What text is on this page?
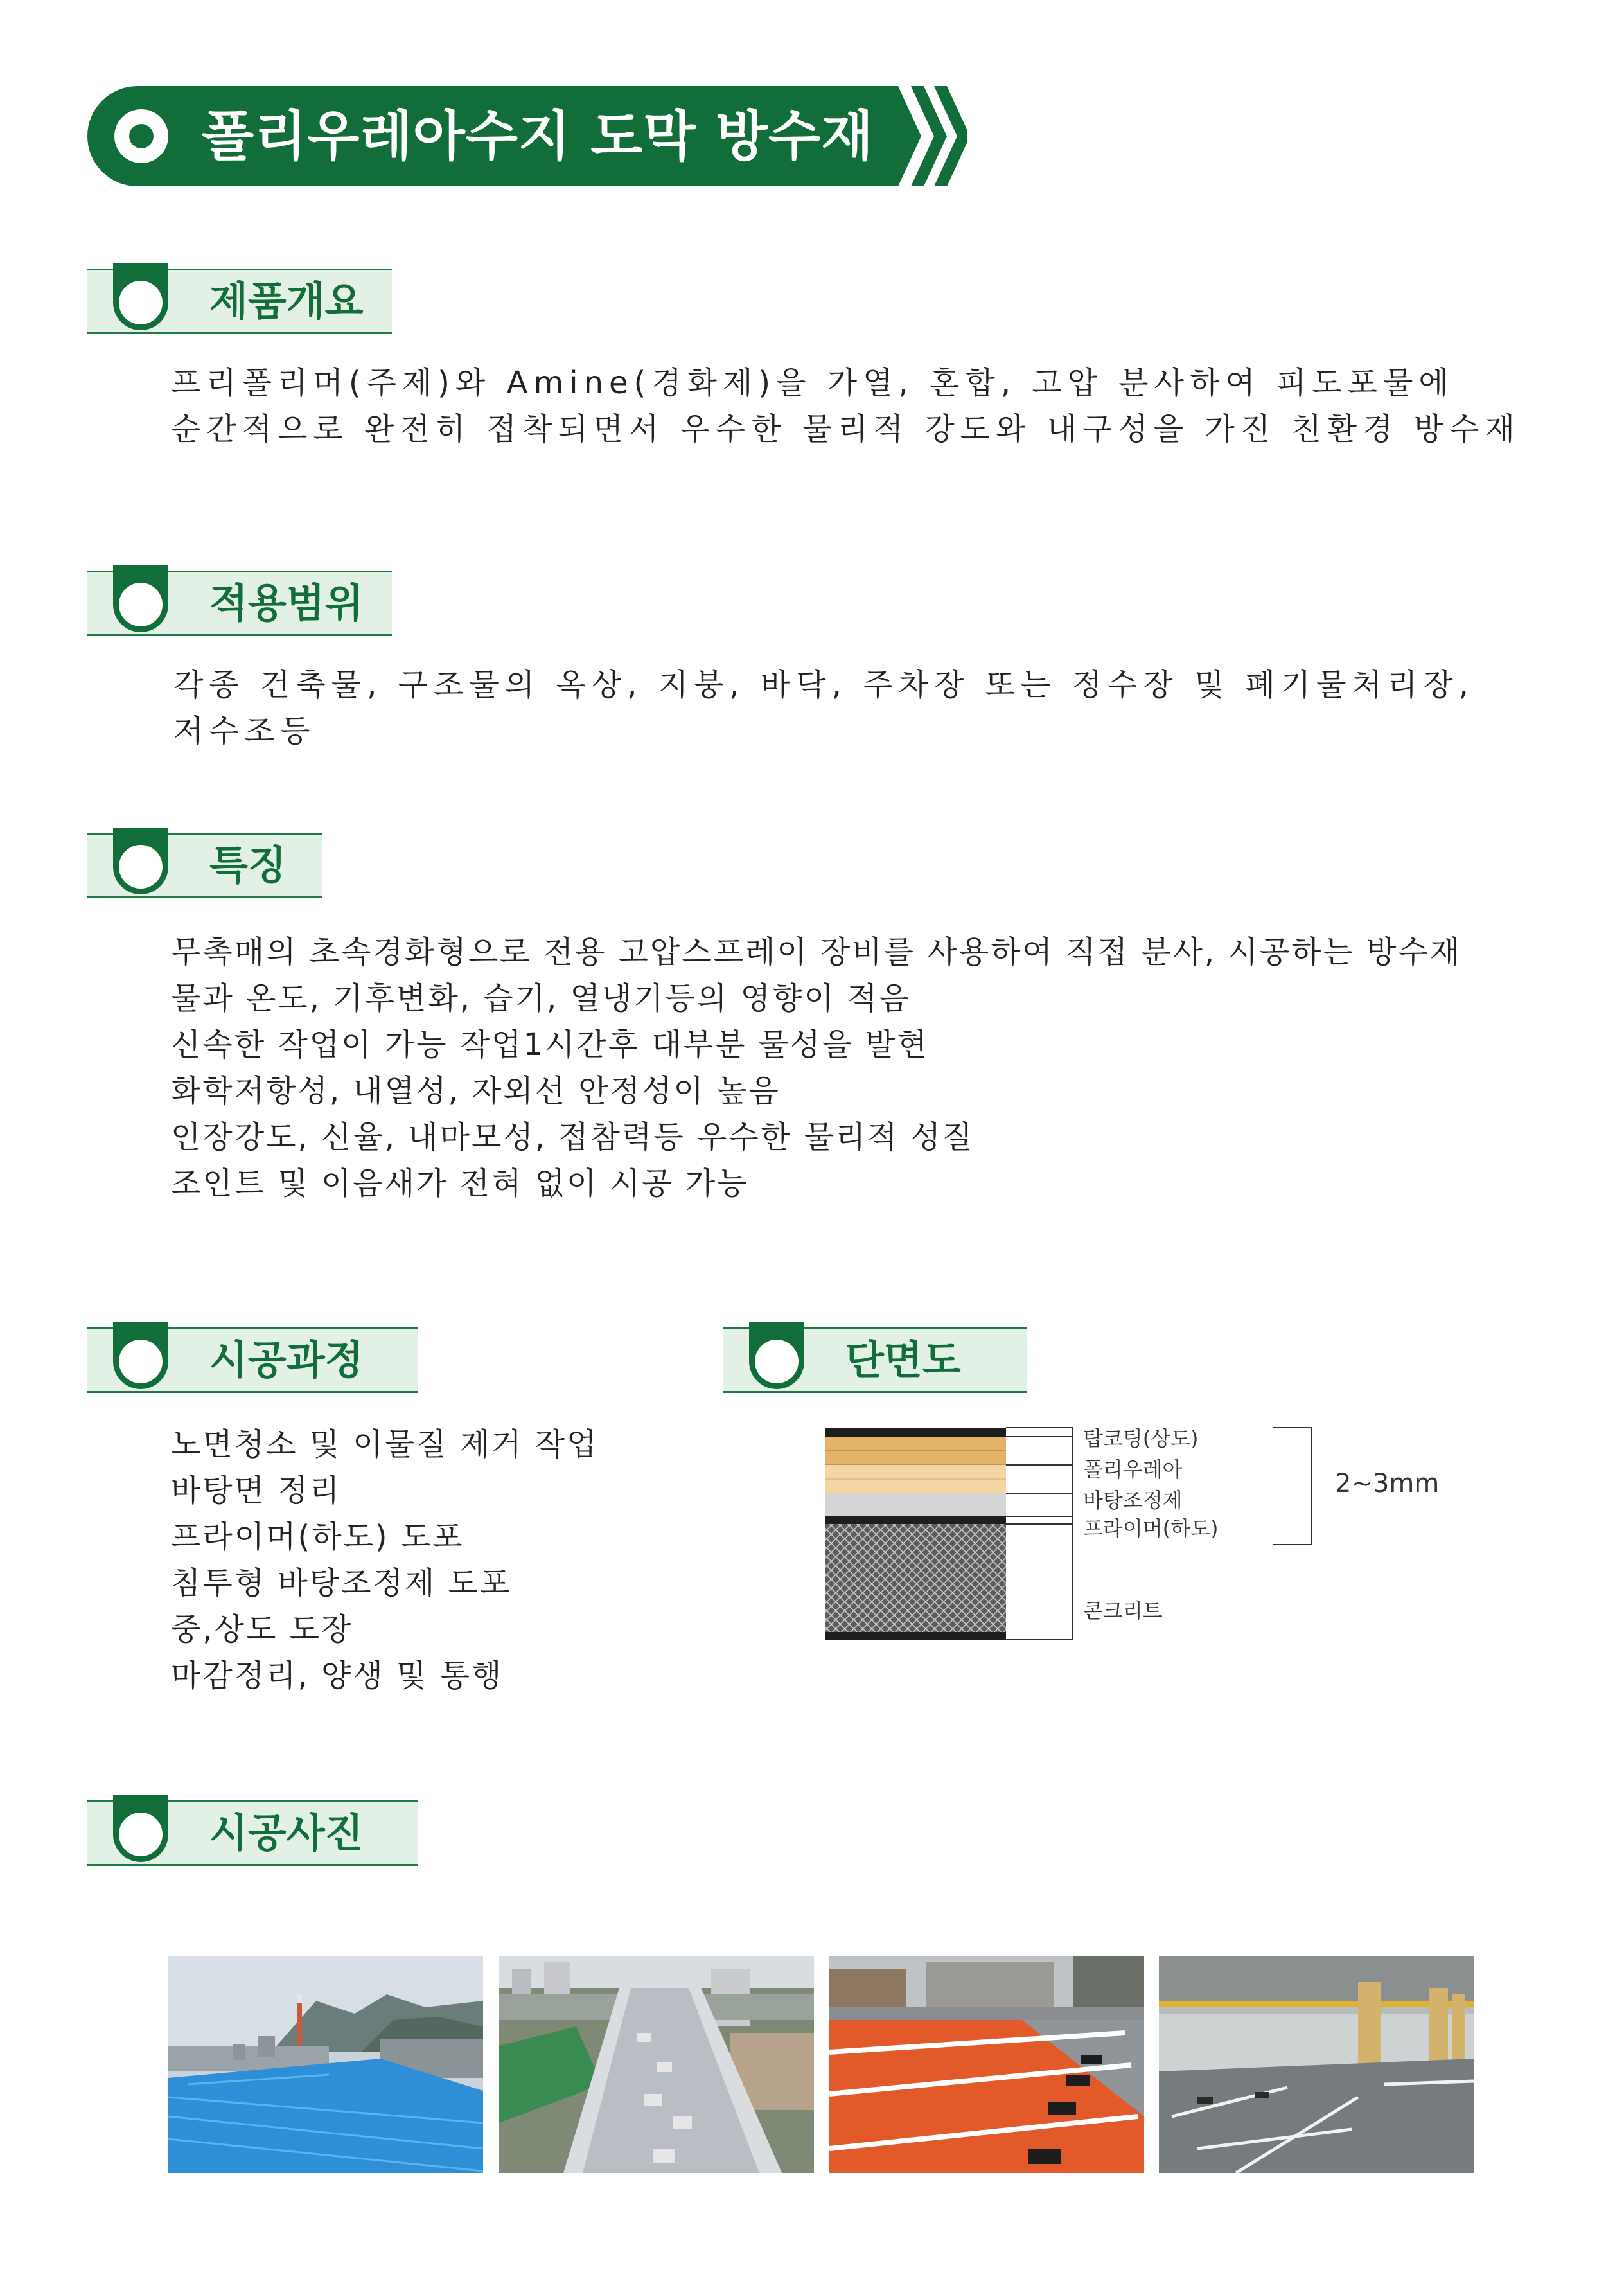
폴리우레아수지 도막 방수재
제품개요
프리폴리머(주제)와 Amine(경화제)을 가열, 혼합, 고압 분사하여 피도포물에
순간적으로 완전히 접착되면서 우수한 물리적 강도와 내구성을 가진 친환경 방수재
적용범위
각종 건축물, 구조물의 옥상, 지붕, 바닥, 주차장 또는 정수장 및 폐기물처리장,
저수조등
특징
무촉매의 초속경화형으로 전용 고압스프레이 장비를 사용하여 직접 분사, 시공하는 방수재
물과 온도, 기후변화, 습기, 열냉기등의 영향이 적음
신속한 작업이 가능 작업1시간후 대부분 물성을 발현
화학저항성, 내열성, 자외선 안정성이 높음
인장강도, 신율, 내마모성, 접참력등 우수한 물리적 성질
조인트 및 이음새가 전혀 없이 시공 가능
시공과정
노면청소 및 이물질 제거 작업
바탕면 정리
프라이머(하도) 도포
침투형 바탕조정제 도포
중,상도 도장
마감정리, 양생 및 통행
단면도
탑코팅(상도)
폴리우레아
바탕조정제
프라이머(하도)
콘크리트
2~3mm
시공사진
